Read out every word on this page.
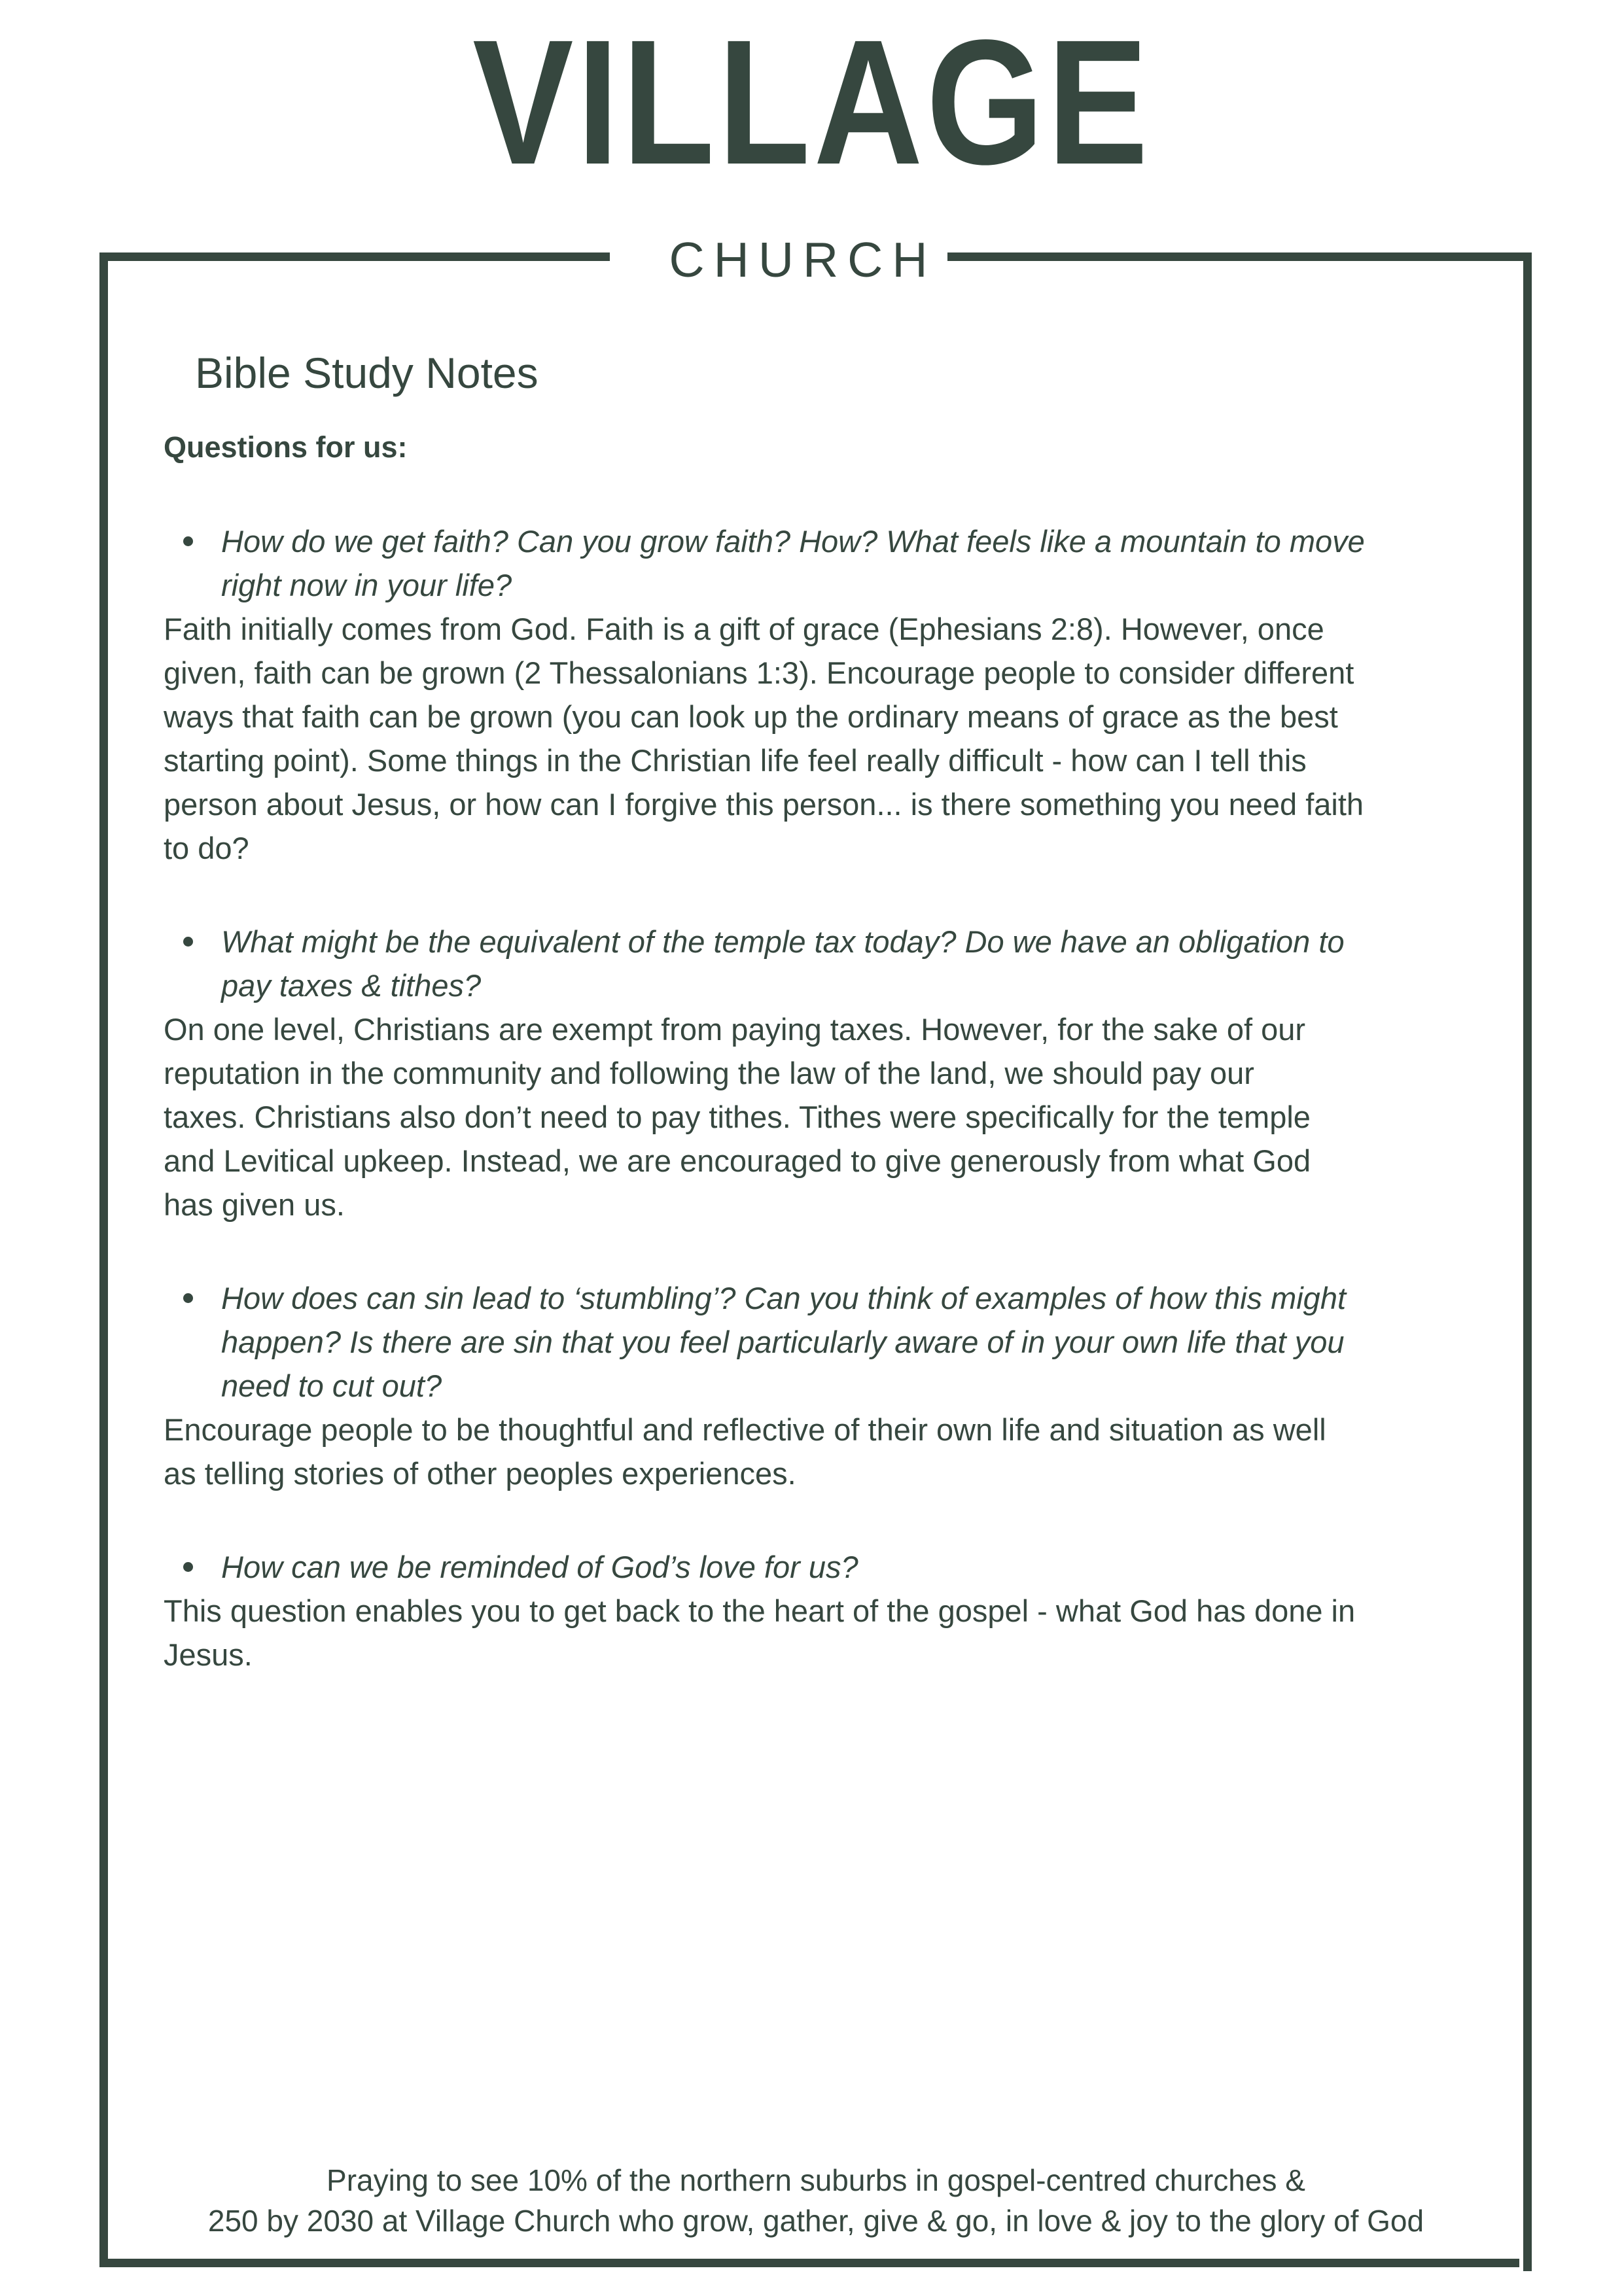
VILLAGE
CHURCH
Bible Study Notes
Questions for us:
How do we get faith? Can you grow faith? How? What feels like a mountain to move
right now in your life?
Faith initially comes from God. Faith is a gift of grace (Ephesians 2:8). However, once
given, faith can be grown (2 Thessalonians 1:3). Encourage people to consider different
ways that faith can be grown (you can look up the ordinary means of grace as the best
starting point). Some things in the Christian life feel really difficult - how can I tell this
person about Jesus, or how can I forgive this person... is there something you need faith
to do?
What might be the equivalent of the temple tax today? Do we have an obligation to
pay taxes & tithes?
On one level, Christians are exempt from paying taxes. However, for the sake of our
reputation in the community and following the law of the land, we should pay our
taxes. Christians also don’t need to pay tithes. Tithes were specifically for the temple
and Levitical upkeep. Instead, we are encouraged to give generously from what God
has given us.
How does can sin lead to ‘stumbling’? Can you think of examples of how this might
happen? Is there are sin that you feel particularly aware of in your own life that you
need to cut out?
Encourage people to be thoughtful and reflective of their own life and situation as well
as telling stories of other peoples experiences.
How can we be reminded of God’s love for us?
This question enables you to get back to the heart of the gospel - what God has done in
Jesus.
Praying to see 10% of the northern suburbs in gospel-centred churches &
250 by 2030 at Village Church who grow, gather, give & go, in love & joy to the glory of God
